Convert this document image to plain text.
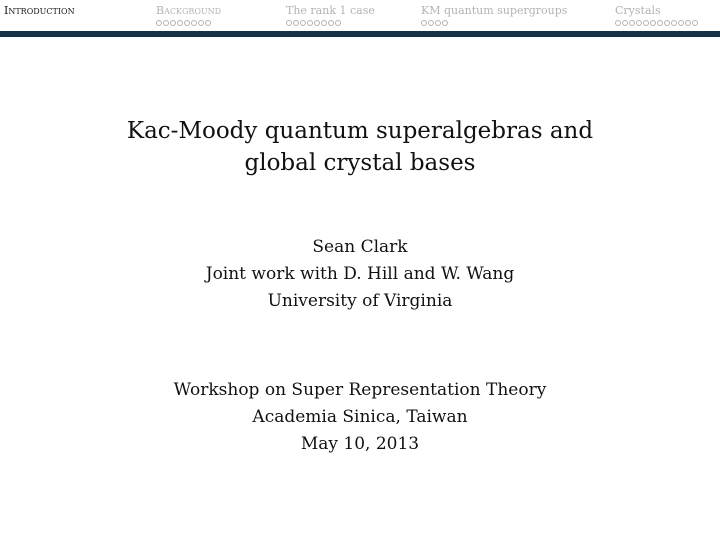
Introduction	Background	The rank 1 case	KM quantum supergroups	Crystals
Kac-Moody quantum superalgebras and
global crystal bases
Sean Clark
Joint work with D. Hill and W. Wang
University of Virginia
Workshop on Super Representation Theory
Academia Sinica, Taiwan
May 10, 2013
